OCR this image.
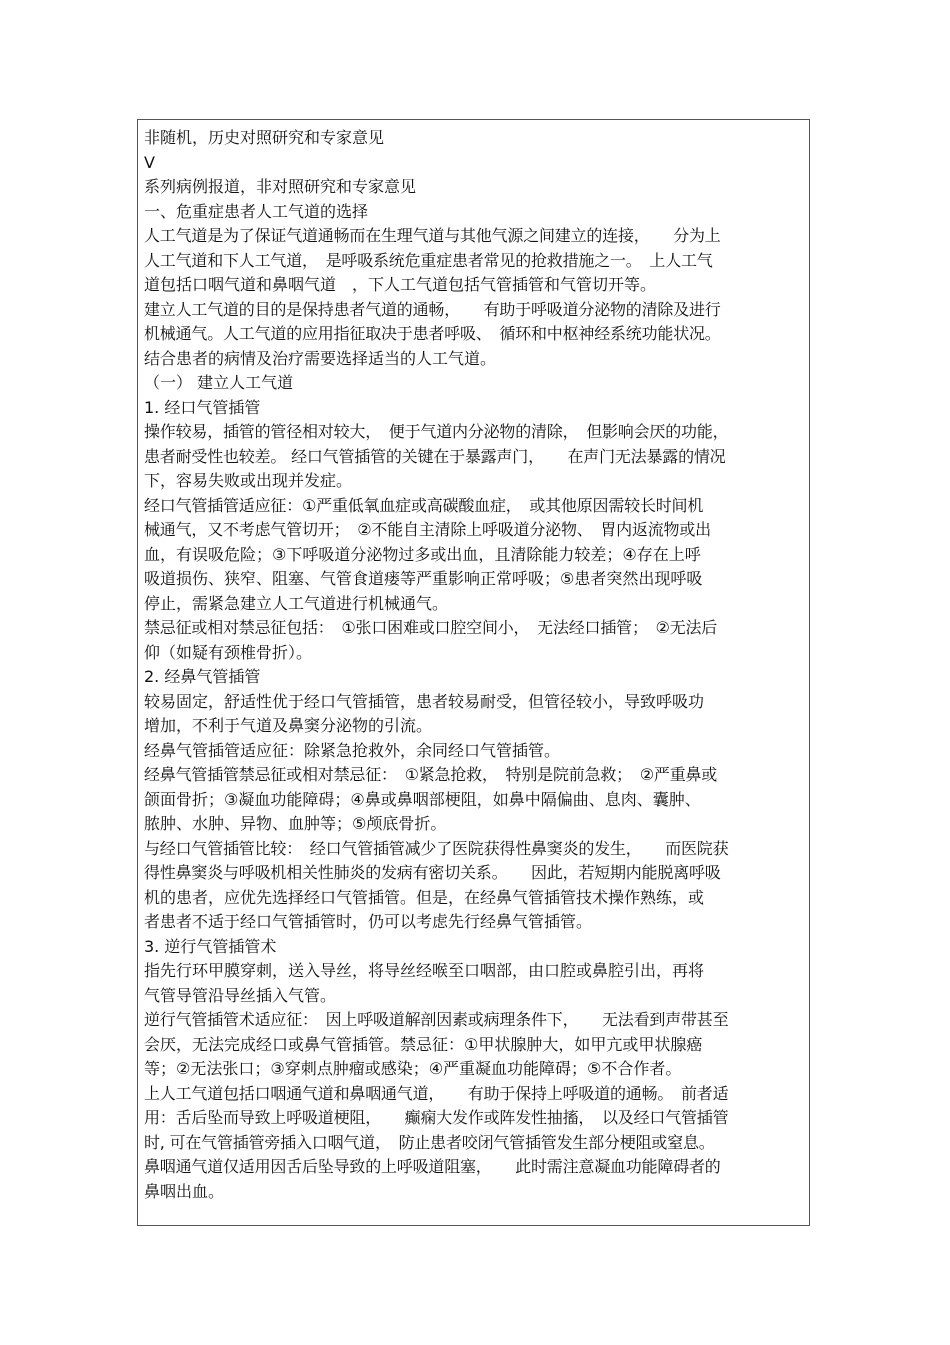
非随机，历史对照研究和专家意见
V
系列病例报道，非对照研究和专家意见
一、危重症患者人工气道的选择
人工气道是为了保证气道通畅而在生理气道与其他气源之间建立的连接，　　分为上
人工气道和下人工气道，　是呼吸系统危重症患者常见的抢救措施之一。　上人工气
道包括口咽气道和鼻咽气道　，下人工气道包括气管插管和气管切开等。
建立人工气道的目的是保持患者气道的通畅，　　有助于呼吸道分泌物的清除及进行
机械通气。人工气道的应用指征取决于患者呼吸、　循环和中枢神经系统功能状况。
结合患者的病情及治疗需要选择适当的人工气道。
（一） 建立人工气道
1. 经口气管插管
操作较易，插管的管径相对较大，　便于气道内分泌物的清除，　但影响会厌的功能，
患者耐受性也较差。 经口气管插管的关键在于暴露声门，　　在声门无法暴露的情况
下，容易失败或出现并发症。
经口气管插管适应征：①严重低氧血症或高碳酸血症，　或其他原因需较长时间机
械通气，又不考虑气管切开；　②不能自主清除上呼吸道分泌物、　胃内返流物或出
血，有误吸危险；③下呼吸道分泌物过多或出血，且清除能力较差；④存在上呼
吸道损伤、狭窄、阻塞、气管食道瘘等严重影响正常呼吸；⑤患者突然出现呼吸
停止，需紧急建立人工气道进行机械通气。
禁忌征或相对禁忌征包括：　①张口困难或口腔空间小，　无法经口插管；　②无法后
仰（如疑有颈椎骨折）。
2. 经鼻气管插管
较易固定，舒适性优于经口气管插管，患者较易耐受，但管径较小，导致呼吸功
增加，不利于气道及鼻窦分泌物的引流。
经鼻气管插管适应征：除紧急抢救外，余同经口气管插管。
经鼻气管插管禁忌征或相对禁忌征：　①紧急抢救，　特别是院前急救；　②严重鼻或
颌面骨折；③凝血功能障碍；④鼻或鼻咽部梗阻，如鼻中隔偏曲、息肉、囊肿、
脓肿、水肿、异物、血肿等；⑤颅底骨折。
与经口气管插管比较：　经口气管插管减少了医院获得性鼻窦炎的发生，　　而医院获
得性鼻窦炎与呼吸机相关性肺炎的发病有密切关系。　　因此，若短期内能脱离呼吸
机的患者，应优先选择经口气管插管。但是，在经鼻气管插管技术操作熟练，或
者患者不适于经口气管插管时，仍可以考虑先行经鼻气管插管。
3. 逆行气管插管术
指先行环甲膜穿刺，送入导丝，将导丝经喉至口咽部，由口腔或鼻腔引出，再将
气管导管沿导丝插入气管。
逆行气管插管术适应征：　因上呼吸道解剖因素或病理条件下，　　无法看到声带甚至
会厌，无法完成经口或鼻气管插管。禁忌征：①甲状腺肿大，如甲亢或甲状腺癌
等；②无法张口；③穿刺点肿瘤或感染；④严重凝血功能障碍；⑤不合作者。
上人工气道包括口咽通气道和鼻咽通气道，　　有助于保持上呼吸道的通畅。　前者适
用：舌后坠而导致上呼吸道梗阻，　　癫痫大发作或阵发性抽搐，　以及经口气管插管
时, 可在气管插管旁插入口咽气道，　防止患者咬闭气管插管发生部分梗阻或窒息。
鼻咽通气道仅适用因舌后坠导致的上呼吸道阻塞，　　此时需注意凝血功能障碍者的
鼻咽出血。
